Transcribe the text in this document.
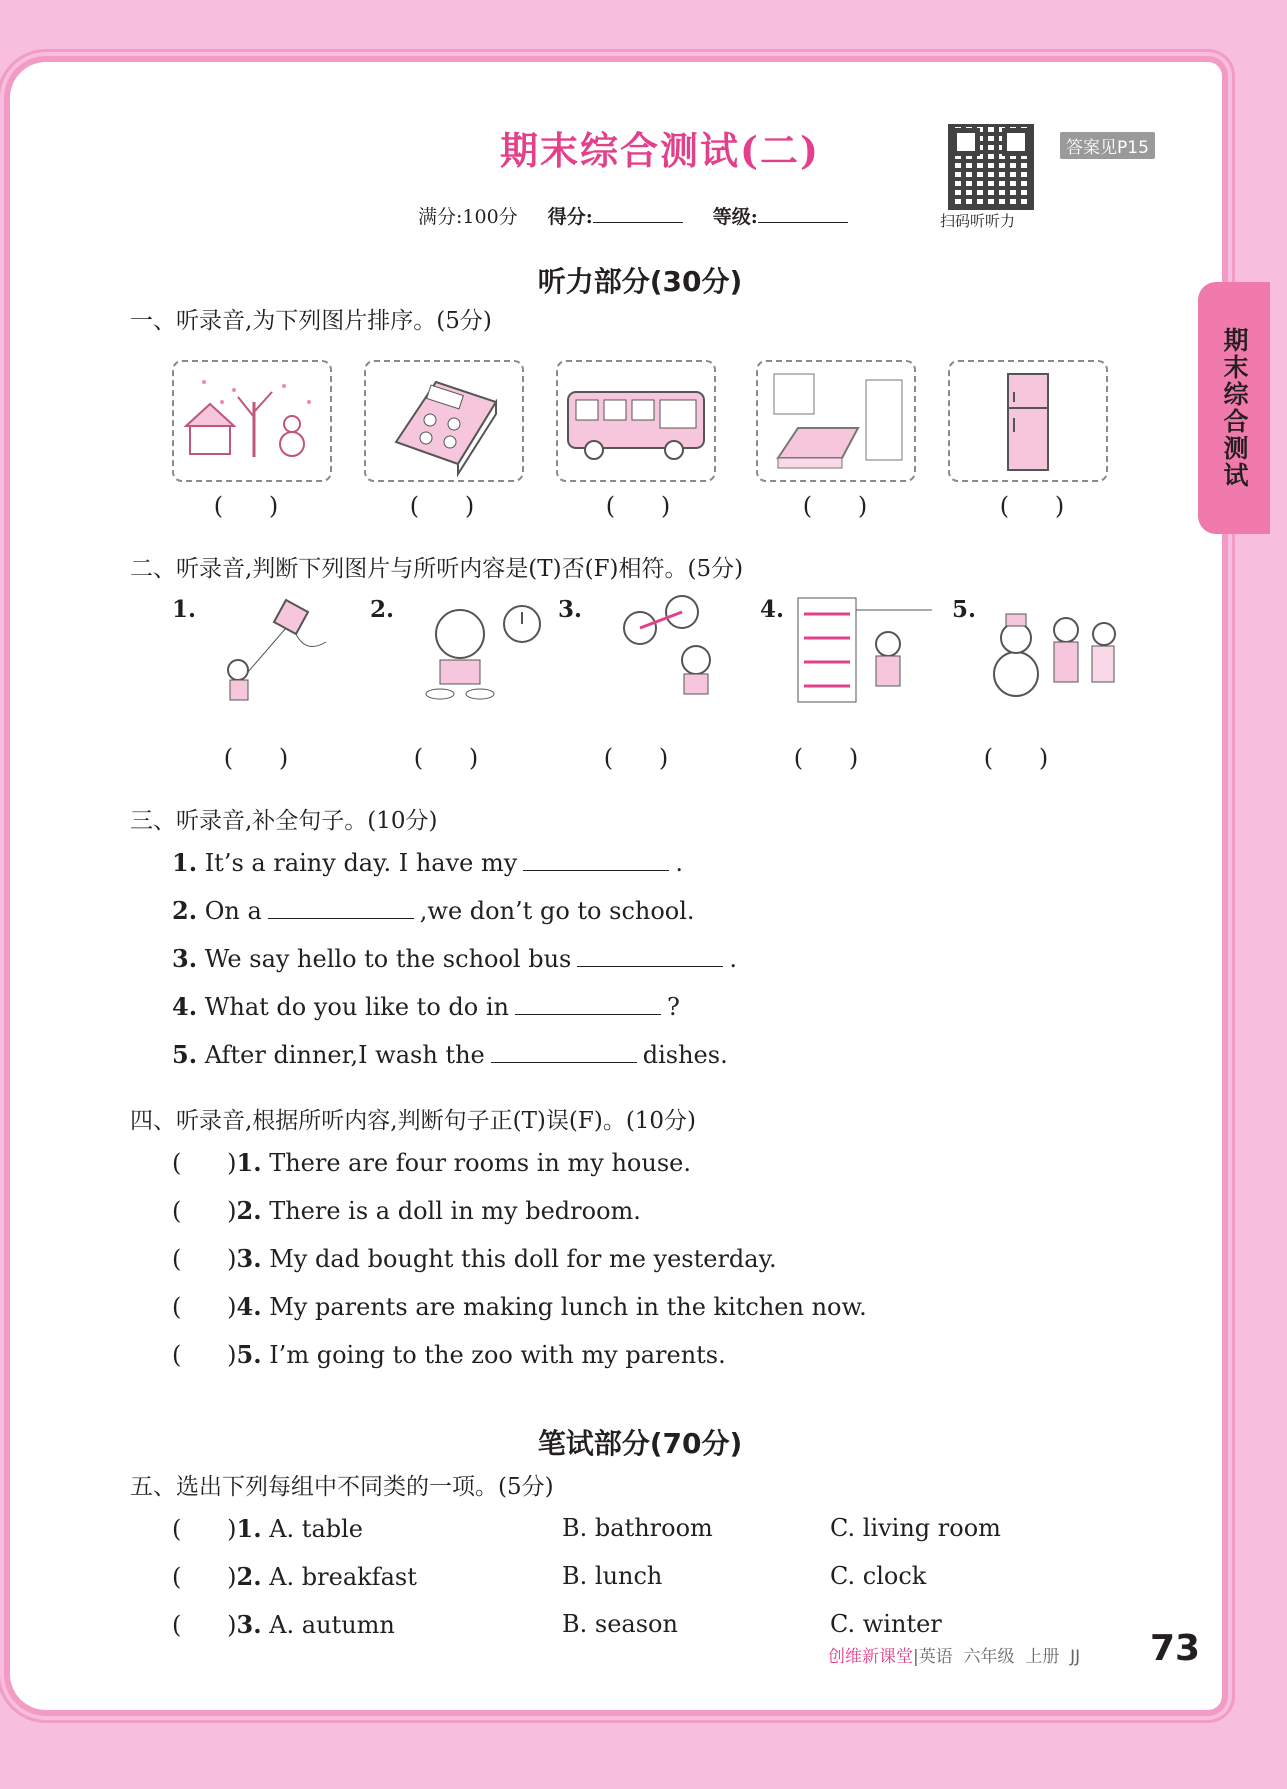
期末综合测试(二)
扫码听听力
答案见P15
满分:100分 得分:	等级:
听力部分(30分)
一、听录音,为下列图片排序。(5分)
(      )	(      )	(      )	(      )	(      )
二、听录音,判断下列图片与所听内容是(T)否(F)相符。(5分)
1.	2.	3.	4.	5.
(      )	(      )	(      )	(      )	(      )
三、听录音,补全句子。(10分)
1. It’s a rainy day. I have my	.
2. On a	,we don’t go to school.
3. We say hello to the school bus	.
4. What do you like to do in	?
5. After dinner,I wash the	dishes.
四、听录音,根据所听内容,判断句子正(T)误(F)。(10分)
(      )1. There are four rooms in my house.
(      )2. There is a doll in my bedroom.
(      )3. My dad bought this doll for me yesterday.
(      )4. My parents are making lunch in the kitchen now.
(      )5. I’m going to the zoo with my parents.
笔试部分(70分)
五、选出下列每组中不同类的一项。(5分)
(      )1. A. table	B. bathroom	C. living room
(      )2. A. breakfast	B. lunch	C. clock
(      )3. A. autumn	B. season	C. winter
创维新课堂|英语  六年级  上册  JJ 73
期末综合测试
